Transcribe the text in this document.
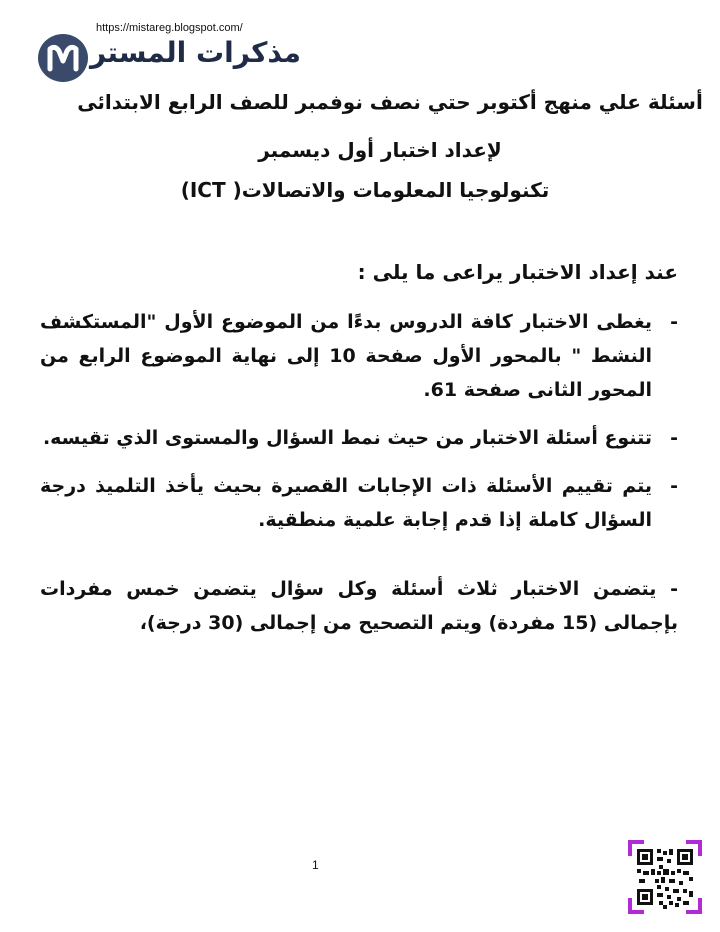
https://mistareg.blogspot.com/
مذكرات المستر
أسئلة علي منهج أكتوبر حتي نصف نوفمبر للصف الرابع الابتدائى
لإعداد اختبار أول ديسمبر
تكنولوجيا المعلومات والاتصالات( ICT)
عند إعداد الاختبار يراعى ما يلى :
-
يغطى الاختبار كافة الدروس بدءًا من الموضوع الأول "المستكشف النشط " بالمحور الأول صفحة 10 إلى نهاية الموضوع الرابع من المحور الثانى صفحة 61.
-
تتنوع أسئلة الاختبار من حيث نمط السؤال والمستوى الذي تقيسه.
-
يتم تقييم الأسئلة ذات الإجابات القصيرة بحيث يأخذ التلميذ درجة السؤال كاملة إذا قدم إجابة علمية منطقية.
- يتضمن الاختبار ثلاث أسئلة وكل سؤال يتضمن خمس مفردات بإجمالى (15 مفردة) ويتم التصحيح من إجمالى (30 درجة)،
1
